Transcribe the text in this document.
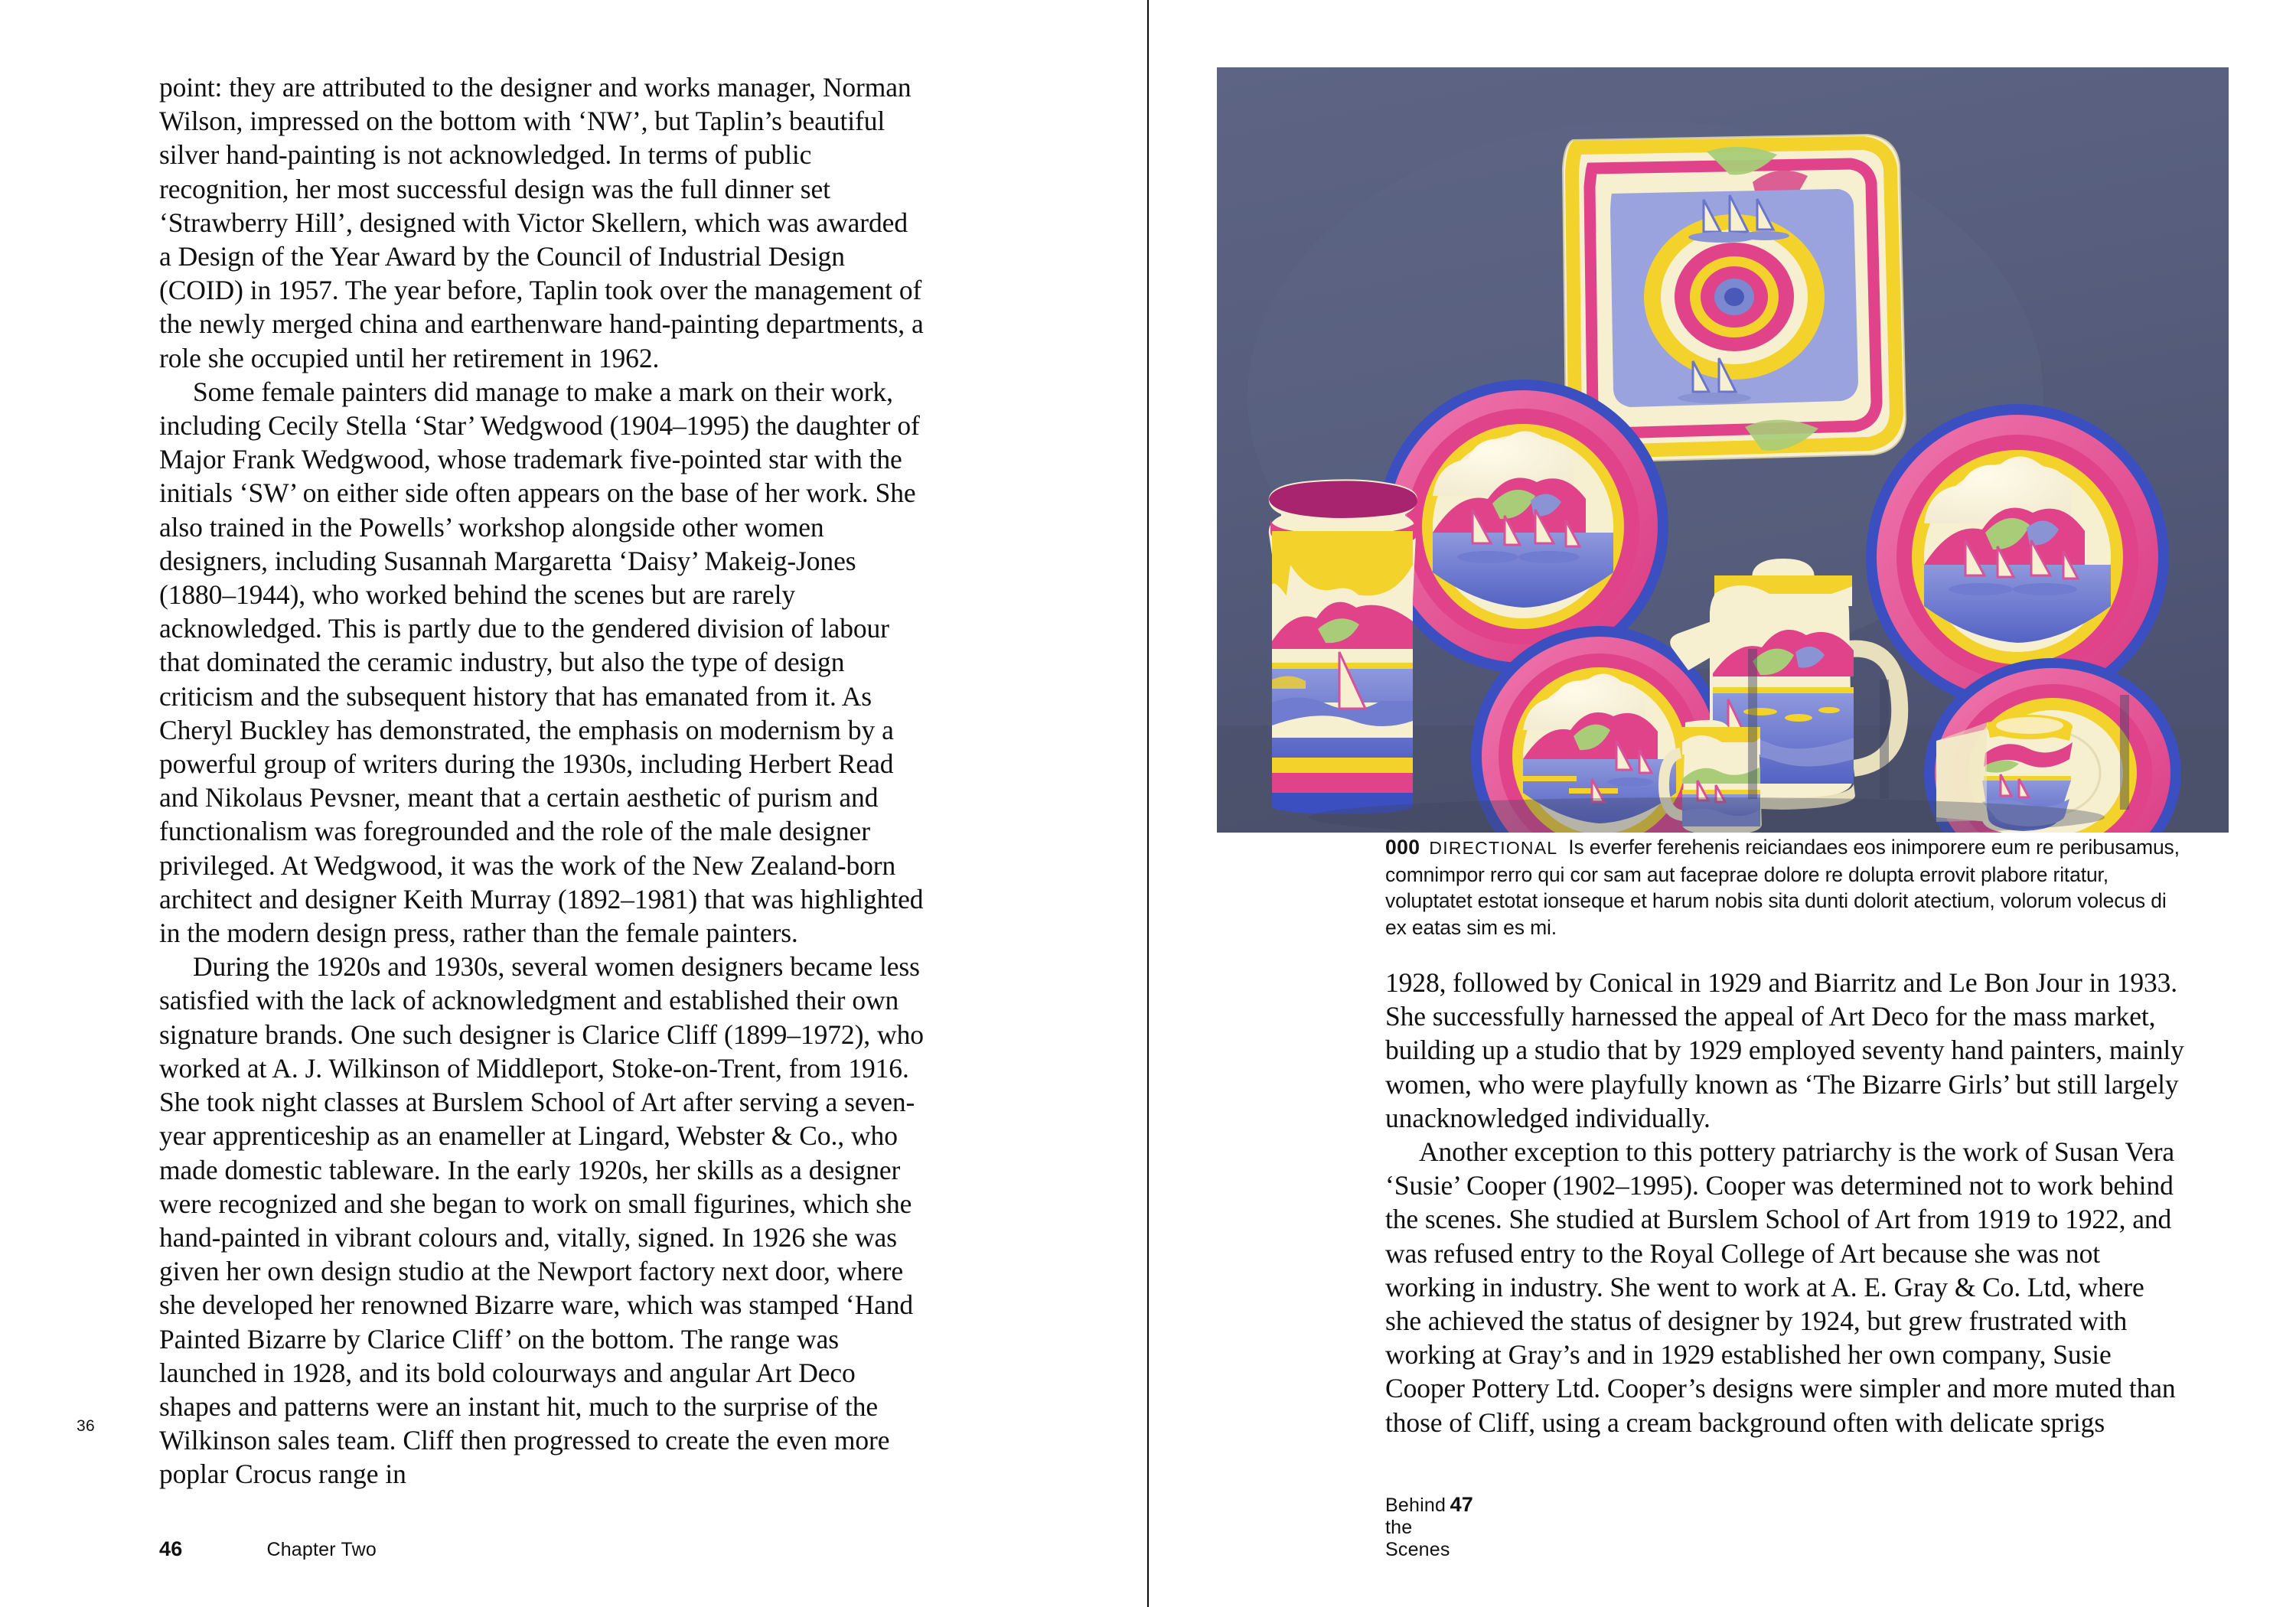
point: they are attributed to the designer and works manager, Norman Wilson, impressed on the bottom with ‘NW’, but Taplin’s beautiful silver hand-painting is not acknowledged. In terms of public recognition, her most successful design was the full dinner set ‘Strawberry Hill’, designed with Victor Skellern, which was awarded a Design of the Year Award by the Council of Industrial Design (COID) in 1957. The year before, Taplin took over the management of the newly merged china and earthenware hand-painting departments, a role she occupied until her retirement in 1962.

Some female painters did manage to make a mark on their work, including Cecily Stella ‘Star’ Wedgwood (1904–1995) the daughter of Major Frank Wedgwood, whose trademark five-pointed star with the initials ‘SW’ on either side often appears on the base of her work. She also trained in the Powells’ workshop alongside other women designers, including Susannah Margaretta ‘Daisy’ Makeig-Jones (1880–1944), who worked behind the scenes but are rarely acknowledged. This is partly due to the gendered division of labour that dominated the ceramic industry, but also the type of design criticism and the subsequent history that has emanated from it. As Cheryl Buckley has demonstrated, the emphasis on modernism by a powerful group of writers during the 1930s, including Herbert Read and Nikolaus Pevsner, meant that a certain aesthetic of purism and functionalism was foregrounded and the role of the male designer privileged. At Wedgwood, it was the work of the New Zealand-born architect and designer Keith Murray (1892–1981) that was highlighted in the modern design press, rather than the female painters.

During the 1920s and 1930s, several women designers became less satisfied with the lack of acknowledgment and established their own signature brands. One such designer is Clarice Cliff (1899–1972), who worked at A. J. Wilkinson of Middleport, Stoke-on-Trent, from 1916. She took night classes at Burslem School of Art after serving a seven-year apprenticeship as an enameller at Lingard, Webster & Co., who made domestic tableware. In the early 1920s, her skills as a designer were recognized and she began to work on small figurines, which she hand-painted in vibrant colours and, vitally, signed. In 1926 she was given her own design studio at the Newport factory next door, where she developed her renowned Bizarre ware, which was stamped ‘Hand Painted Bizarre by Clarice Cliff’ on the bottom. The range was launched in 1928, and its bold colourways and angular Art Deco shapes and patterns were an instant hit, much to the surprise of the Wilkinson sales team. Cliff then progressed to create the even more poplar Crocus range in

36
46	Chapter Two
000 DIRECTIONAL Is everfer ferehenis reiciandaes eos inimporere eum re peribusamus, comnimpor rerro qui cor sam aut faceprae dolore re dolupta errovit plabore ritatur, voluptatet estotat ionseque et harum nobis sita dunti dolorit atectium, volorum volecus di ex eatas sim es mi.

1928, followed by Conical in 1929 and Biarritz and Le Bon Jour in 1933. She successfully harnessed the appeal of Art Deco for the mass market, building up a studio that by 1929 employed seventy hand painters, mainly women, who were playfully known as ‘The Bizarre Girls’ but still largely unacknowledged individually.

Another exception to this pottery patriarchy is the work of Susan Vera ‘Susie’ Cooper (1902–1995). Cooper was determined not to work behind the scenes. She studied at Burslem School of Art from 1919 to 1922, and was refused entry to the Royal College of Art because she was not working in industry. She went to work at A. E. Gray & Co. Ltd, where she achieved the status of designer by 1924, but grew frustrated with working at Gray’s and in 1929 established her own company, Susie Cooper Pottery Ltd. Cooper’s designs were simpler and more muted than those of Cliff, using a cream background often with delicate sprigs

Behind the Scenes
47
